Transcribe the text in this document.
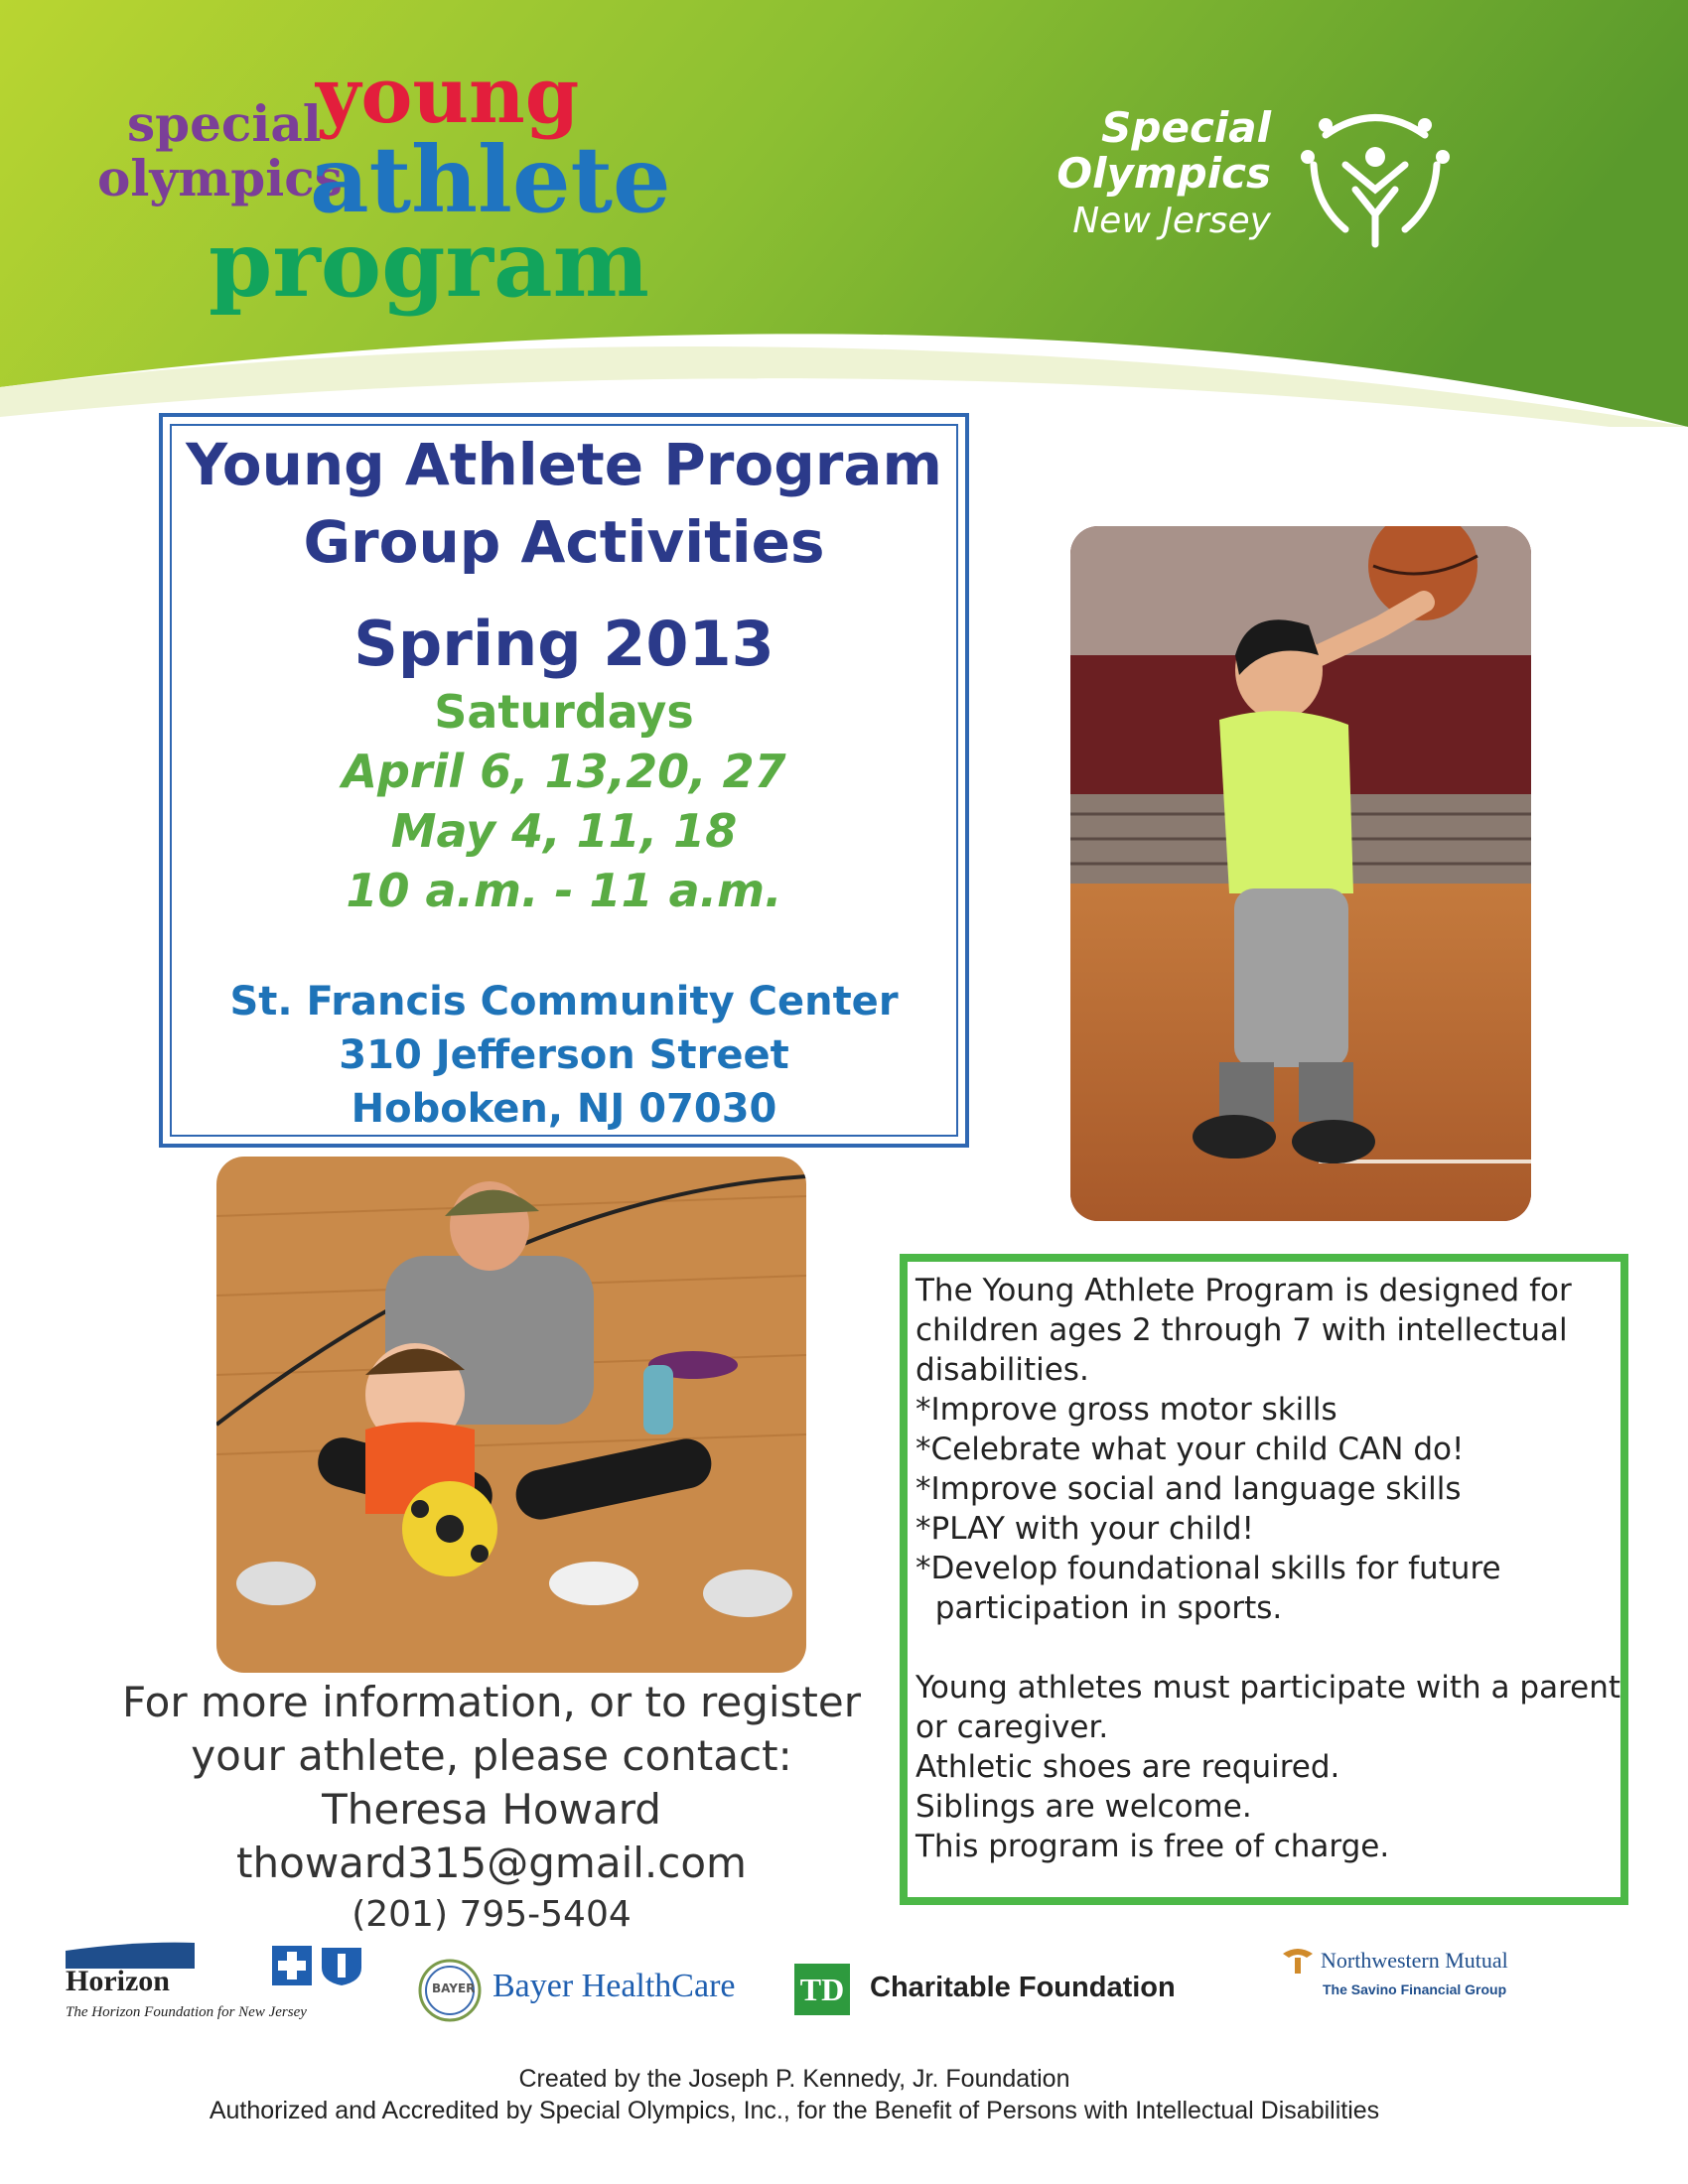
special
olympics
young
athlete
program
Special
Olympics
New Jersey
Young Athlete Program
Group Activities
Spring 2013
Saturdays
April 6, 13,20, 27
May 4, 11, 18
10 a.m. - 11 a.m.
St. Francis Community Center
310 Jefferson Street
Hoboken, NJ 07030
The Young Athlete Program is designed for
children ages 2 through 7 with intellectual
disabilities.
*Improve gross motor skills
*Celebrate what your child CAN do!
*Improve social and language skills
*PLAY with your child!
*Develop foundational skills for future
participation in sports.
Young athletes must participate with a parent
or caregiver.
Athletic shoes are required.
Siblings are welcome.
This program is free of charge.
For more information, or to register
your athlete, please contact:
Theresa Howard
thoward315@gmail.com
(201) 795-5404
Horizon
The Horizon Foundation for New Jersey
BAYER Bayer HealthCare TD Charitable Foundation
Northwestern Mutual
The Savino Financial Group
Created by the Joseph P. Kennedy, Jr. Foundation
Authorized and Accredited by Special Olympics, Inc., for the Benefit of Persons with Intellectual Disabilities
